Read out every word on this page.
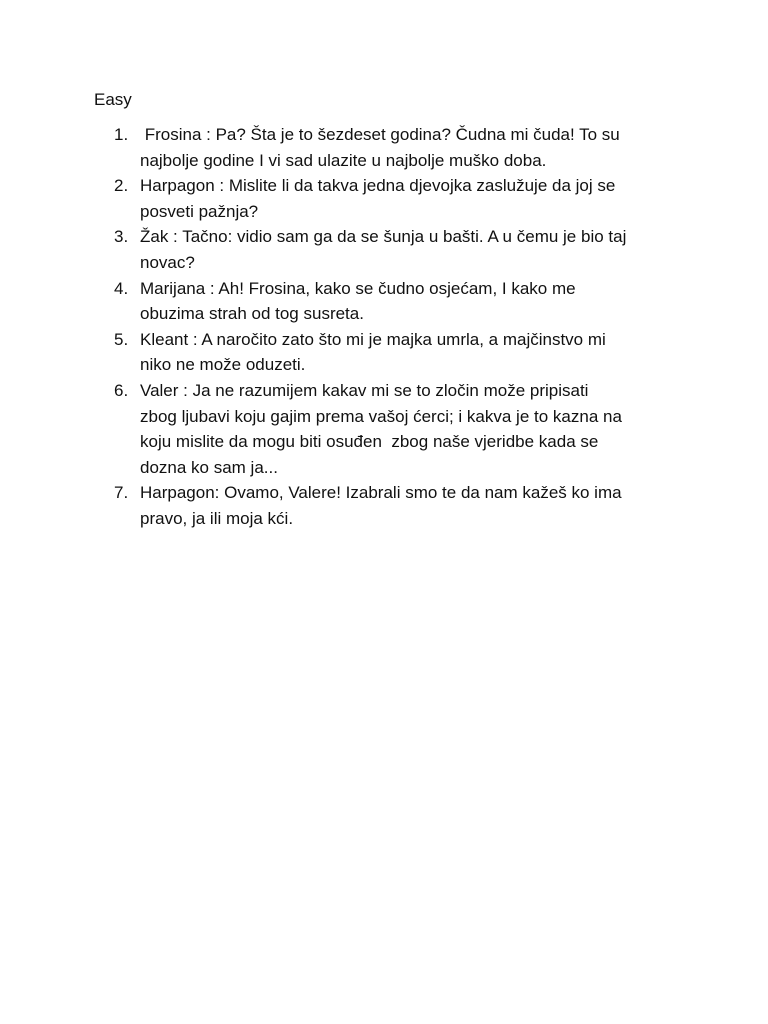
Easy
1. Frosina : Pa? Šta je to šezdeset godina? Čudna mi čuda! To su
najbolje godine I vi sad ulazite u najbolje muško doba.
2. Harpagon : Mislite li da takva jedna djevojka zaslužuje da joj se
posveti pažnja?
3. Žak : Tačno: vidio sam ga da se šunja u bašti. A u čemu je bio taj
novac?
4. Marijana : Ah! Frosina, kako se čudno osjećam, I kako me
obuzima strah od tog susreta.
5. Kleant : A naročito zato što mi je majka umrla, a majčinstvo mi
niko ne može oduzeti.
6. Valer : Ja ne razumijem kakav mi se to zločin može pripisati
zbog ljubavi koju gajim prema vašoj ćerci; i kakva je to kazna na
koju mislite da mogu biti osuđen  zbog naše vjeridbe kada se
dozna ko sam ja...
7. Harpagon: Ovamo, Valere! Izabrali smo te da nam kažeš ko ima
pravo, ja ili moja kći.
